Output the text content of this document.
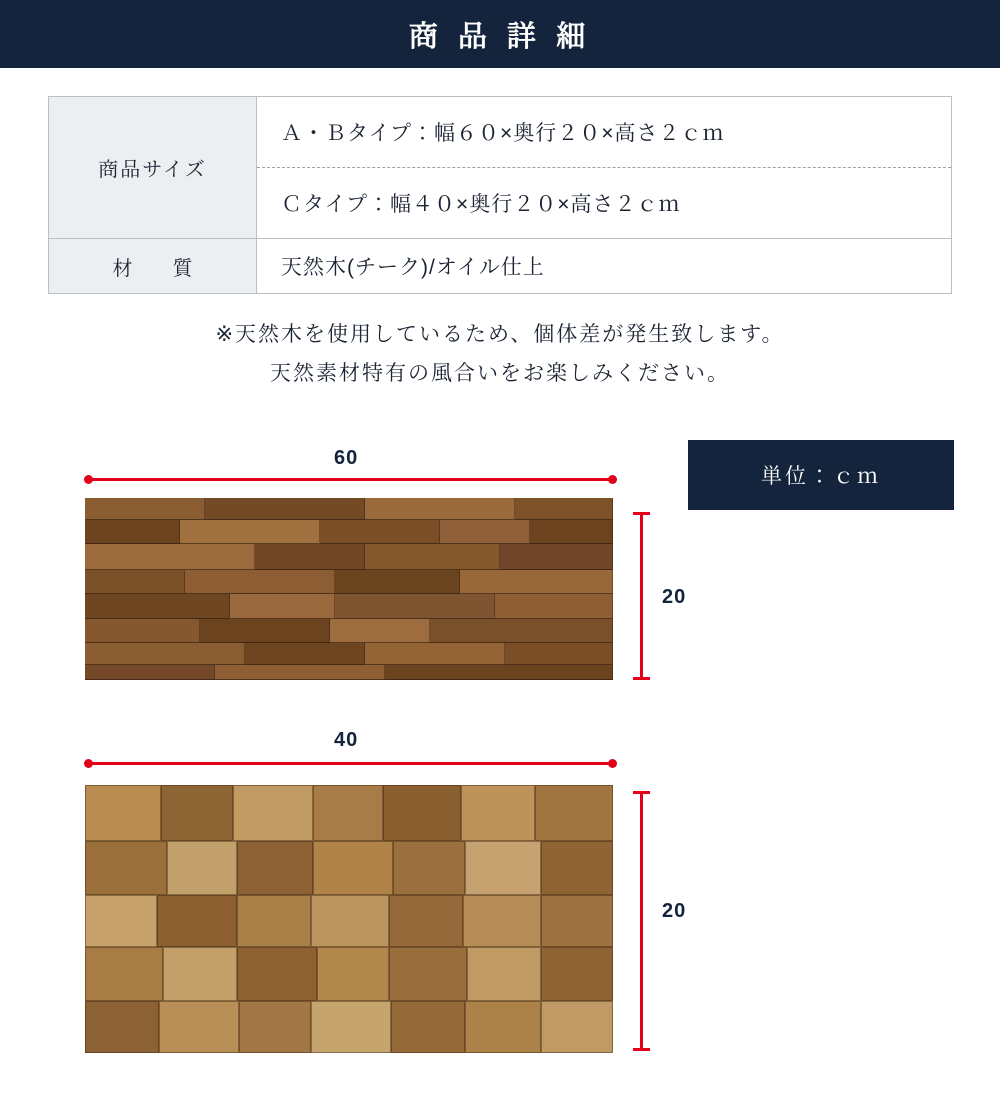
商 品 詳 細
商品サイズ	Ａ・Ｂタイプ：幅６０×奥行２０×高さ２ｃｍ
	Ｃタイプ：幅４０×奥行２０×高さ２ｃｍ
材　質	天然木(チーク)/オイル仕上
※天然木を使用しているため、個体差が発生致します。
天然素材特有の風合いをお楽しみください。
単位：ｃｍ
60
20
40
20
